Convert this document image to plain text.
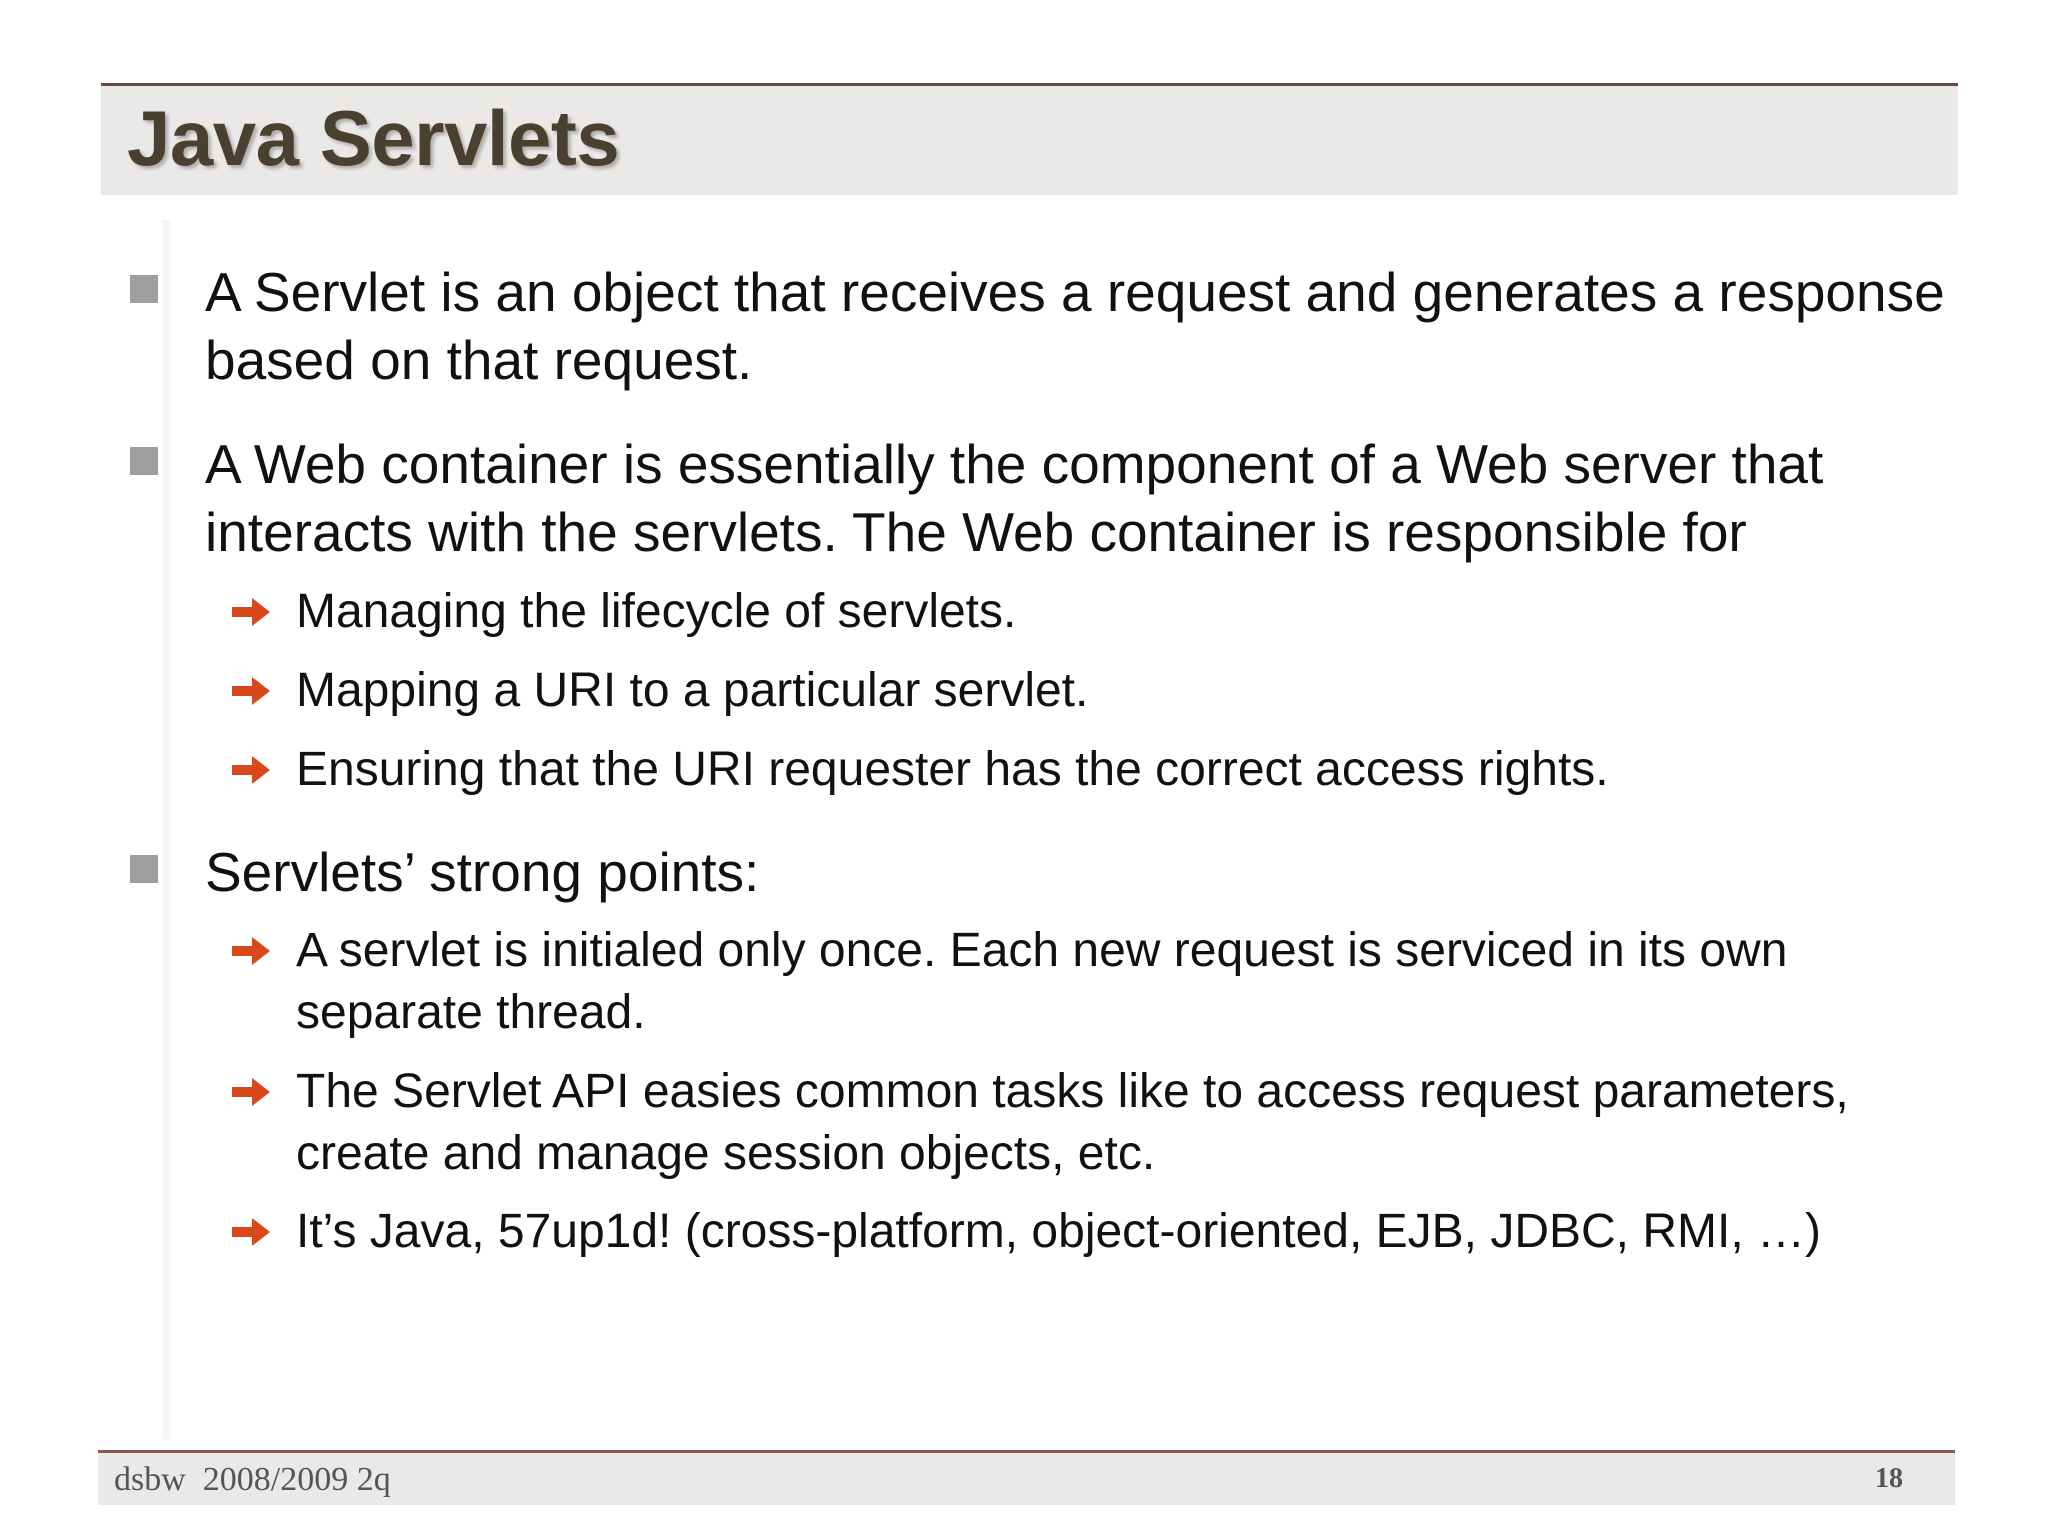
Java Servlets
A Servlet is an object that receives a request and generates a response based on that request.
A Web container is essentially the component of a Web server that interacts with the servlets. The Web container is responsible for
Managing the lifecycle of servlets.
Mapping a URI to a particular servlet.
Ensuring that the URI requester has the correct access rights.
Servlets’ strong points:
A servlet is initialed only once. Each new request is serviced in its own separate thread.
The Servlet API easies common tasks like to access request parameters, create and manage session objects, etc.
It’s Java, 57up1d! (cross-platform, object-oriented, EJB, JDBC, RMI, …)
dsbw  2008/2009 2q	18
